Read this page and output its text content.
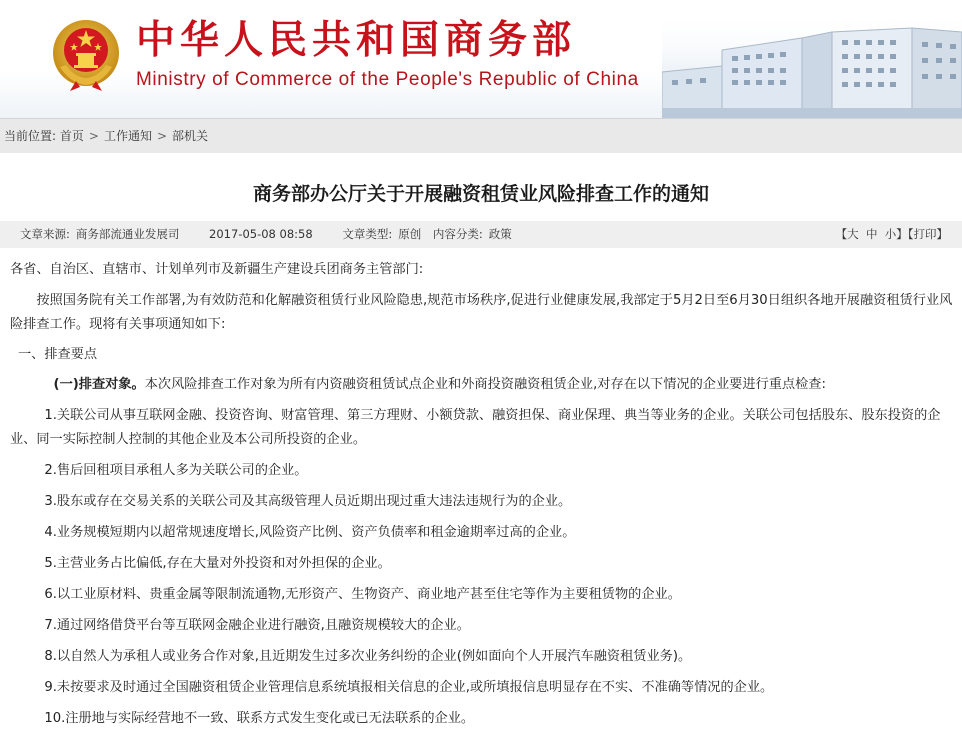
中华人民共和国商务部
Ministry of Commerce of the People's Republic of China
当前位置: 首页 > 工作通知 > 部机关
商务部办公厅关于开展融资租赁业风险排查工作的通知
文章来源: 商务部流通业发展司	2017-05-08 08:58	文章类型: 原创 内容分类: 政策	【大 中 小】【打印】

各省、自治区、直辖市、计划单列市及新疆生产建设兵团商务主管部门:

按照国务院有关工作部署,为有效防范和化解融资租赁行业风险隐患,规范市场秩序,促进行业健康发展,我部定于5月2日至6月30日组织各地开展融资租赁行业风险排查工作。现将有关事项通知如下:

一、排查要点

(一)排查对象。本次风险排查工作对象为所有内资融资租赁试点企业和外商投资融资租赁企业,对存在以下情况的企业要进行重点检查:

1.关联公司从事互联网金融、投资咨询、财富管理、第三方理财、小额贷款、融资担保、商业保理、典当等业务的企业。关联公司包括股东、股东投资的企业、同一实际控制人控制的其他企业及本公司所投资的企业。

2.售后回租项目承租人多为关联公司的企业。

3.股东或存在交易关系的关联公司及其高级管理人员近期出现过重大违法违规行为的企业。

4.业务规模短期内以超常规速度增长,风险资产比例、资产负债率和租金逾期率过高的企业。

5.主营业务占比偏低,存在大量对外投资和对外担保的企业。

6.以工业原材料、贵重金属等限制流通物,无形资产、生物资产、商业地产甚至住宅等作为主要租赁物的企业。

7.通过网络借贷平台等互联网金融企业进行融资,且融资规模较大的企业。

8.以自然人为承租人或业务合作对象,且近期发生过多次业务纠纷的企业(例如面向个人开展汽车融资租赁业务)。

9.未按要求及时通过全国融资租赁企业管理信息系统填报相关信息的企业,或所填报信息明显存在不实、不准确等情况的企业。

10.注册地与实际经营地不一致、联系方式发生变化或已无法联系的企业。
